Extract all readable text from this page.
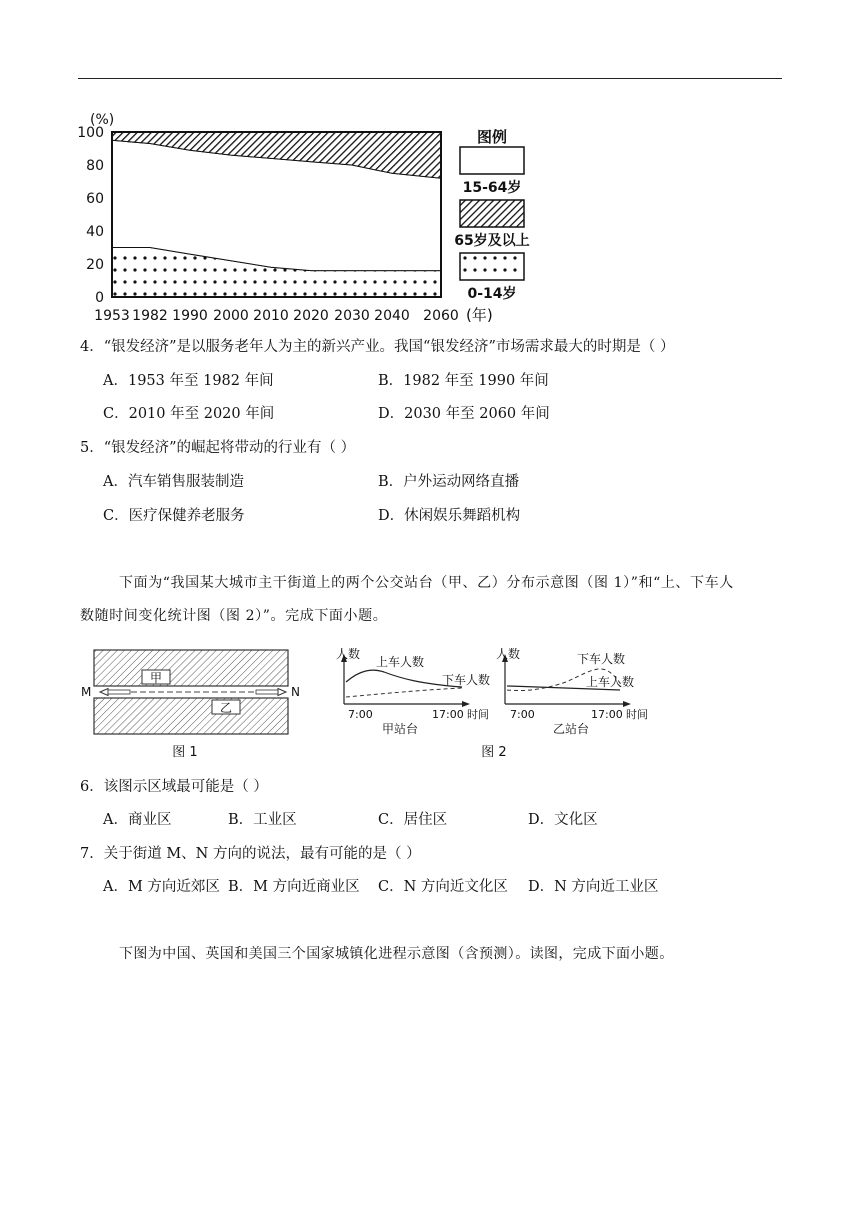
(%)
100
80
60
40
20
0
1953 1982 1990 2000 2010 2020 2030 2040 2060 (年)
图例
15-64岁
65岁及以上
0-14岁
4．“银发经济”是以服务老年人为主的新兴产业。我国“银发经济”市场需求最大的时期是（ ）
A．1953 年至 1982 年间	B．1982 年至 1990 年间
C．2010 年至 2020 年间	D．2030 年至 2060 年间
5．“银发经济”的崛起将带动的行业有（ ）
A．汽车销售服装制造	B．户外运动网络直播
C．医疗保健养老服务	D．休闲娱乐舞蹈机构
下面为“我国某大城市主干街道上的两个公交站台（甲、乙）分布示意图（图 1）”和“上、下车人
数随时间变化统计图（图 2）”。完成下面小题。
甲
乙
M	N
图 1
人数
上车人数
下车人数
7:00	17:00 时间
甲站台
人数	下车人数
上车人数
7:00	17:00 时间
乙站台
图 2
6．该图示区域最可能是（ ）
A．商业区	B．工业区	C．居住区	D．文化区
7．关于街道 M、N 方向的说法，最有可能的是（ ）
A．M 方向近郊区 B．M 方向近商业区 C．N 方向近文化区 D．N 方向近工业区
下图为中国、英国和美国三个国家城镇化进程示意图（含预测）。读图，完成下面小题。
